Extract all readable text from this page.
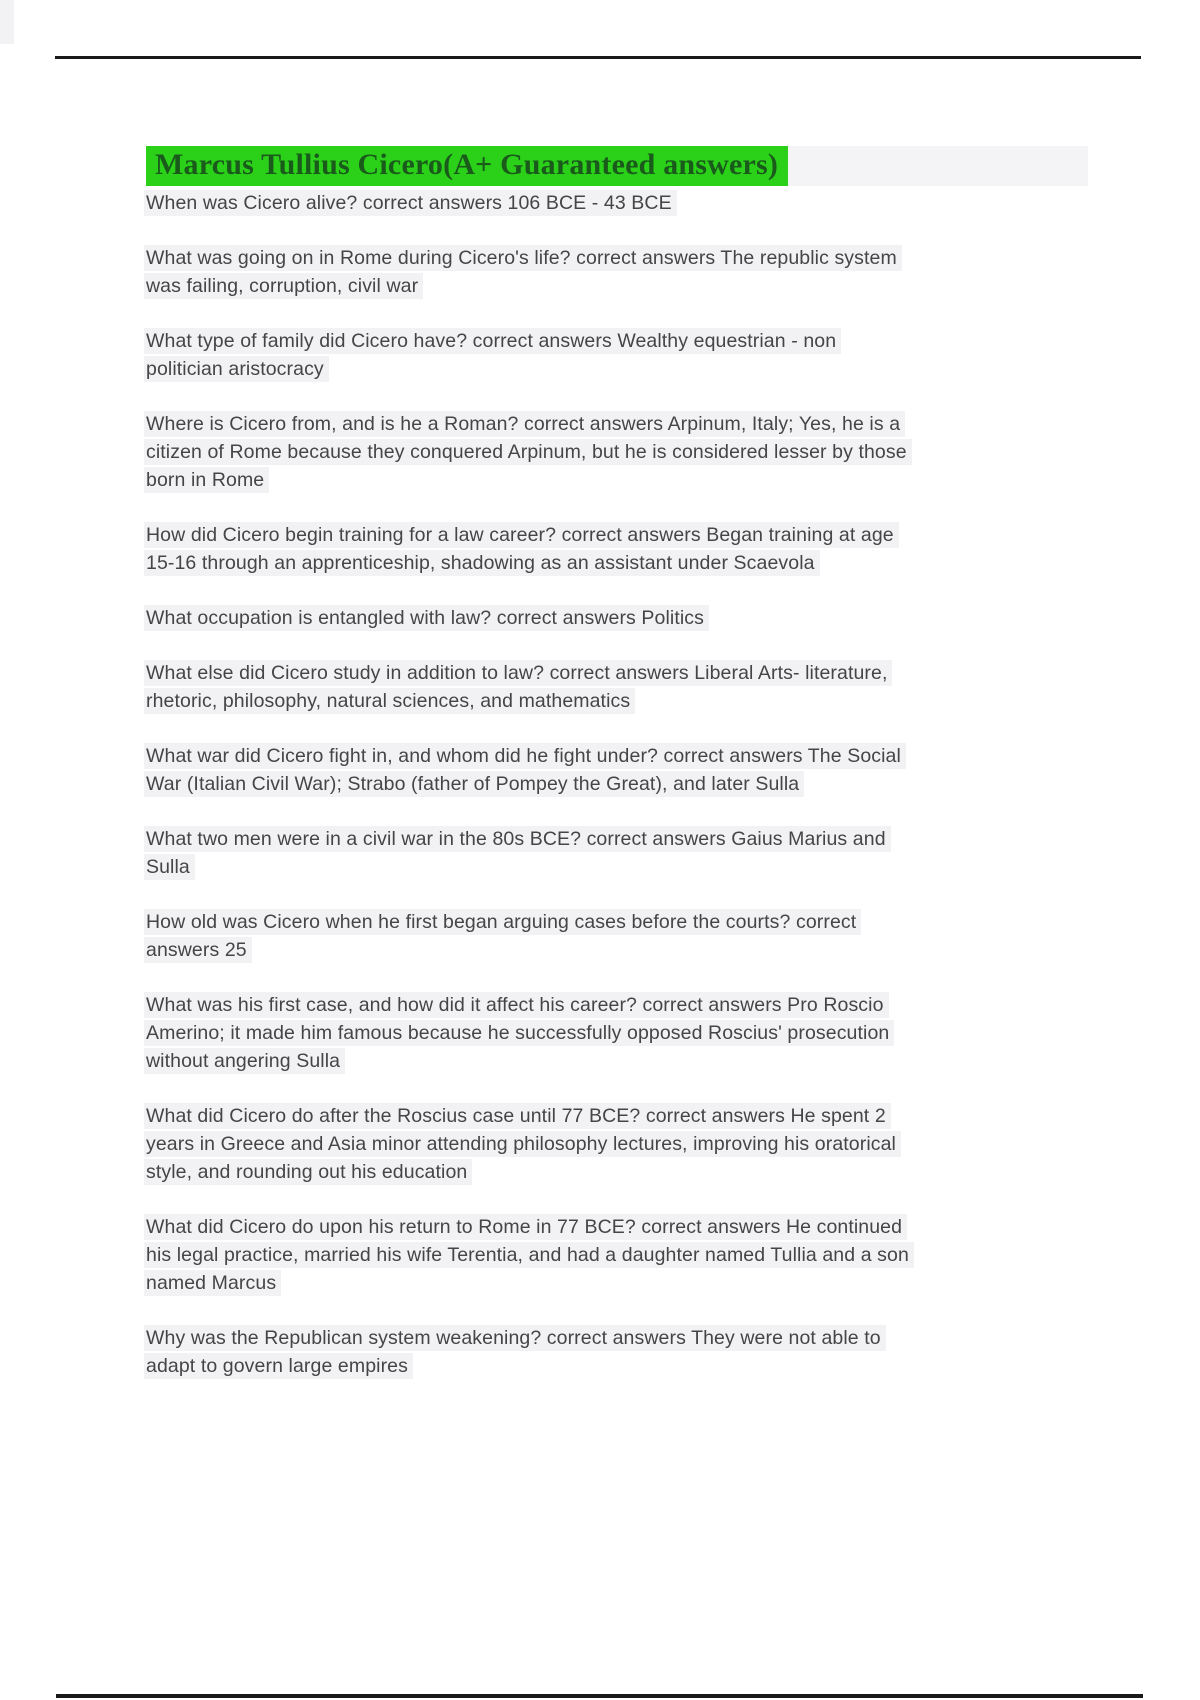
Marcus Tullius Cicero(A+ Guaranteed answers)

When was Cicero alive? correct answers 106 BCE - 43 BCE

What was going on in Rome during Cicero's life? correct answers The republic system
was failing, corruption, civil war

What type of family did Cicero have? correct answers Wealthy equestrian - non
politician aristocracy

Where is Cicero from, and is he a Roman? correct answers Arpinum, Italy; Yes, he is a
citizen of Rome because they conquered Arpinum, but he is considered lesser by those
born in Rome

How did Cicero begin training for a law career? correct answers Began training at age
15-16 through an apprenticeship, shadowing as an assistant under Scaevola

What occupation is entangled with law? correct answers Politics

What else did Cicero study in addition to law? correct answers Liberal Arts- literature,
rhetoric, philosophy, natural sciences, and mathematics

What war did Cicero fight in, and whom did he fight under? correct answers The Social
War (Italian Civil War); Strabo (father of Pompey the Great), and later Sulla

What two men were in a civil war in the 80s BCE? correct answers Gaius Marius and
Sulla

How old was Cicero when he first began arguing cases before the courts? correct
answers 25

What was his first case, and how did it affect his career? correct answers Pro Roscio
Amerino; it made him famous because he successfully opposed Roscius' prosecution
without angering Sulla

What did Cicero do after the Roscius case until 77 BCE? correct answers He spent 2
years in Greece and Asia minor attending philosophy lectures, improving his oratorical
style, and rounding out his education

What did Cicero do upon his return to Rome in 77 BCE? correct answers He continued
his legal practice, married his wife Terentia, and had a daughter named Tullia and a son
named Marcus

Why was the Republican system weakening? correct answers They were not able to
adapt to govern large empires
